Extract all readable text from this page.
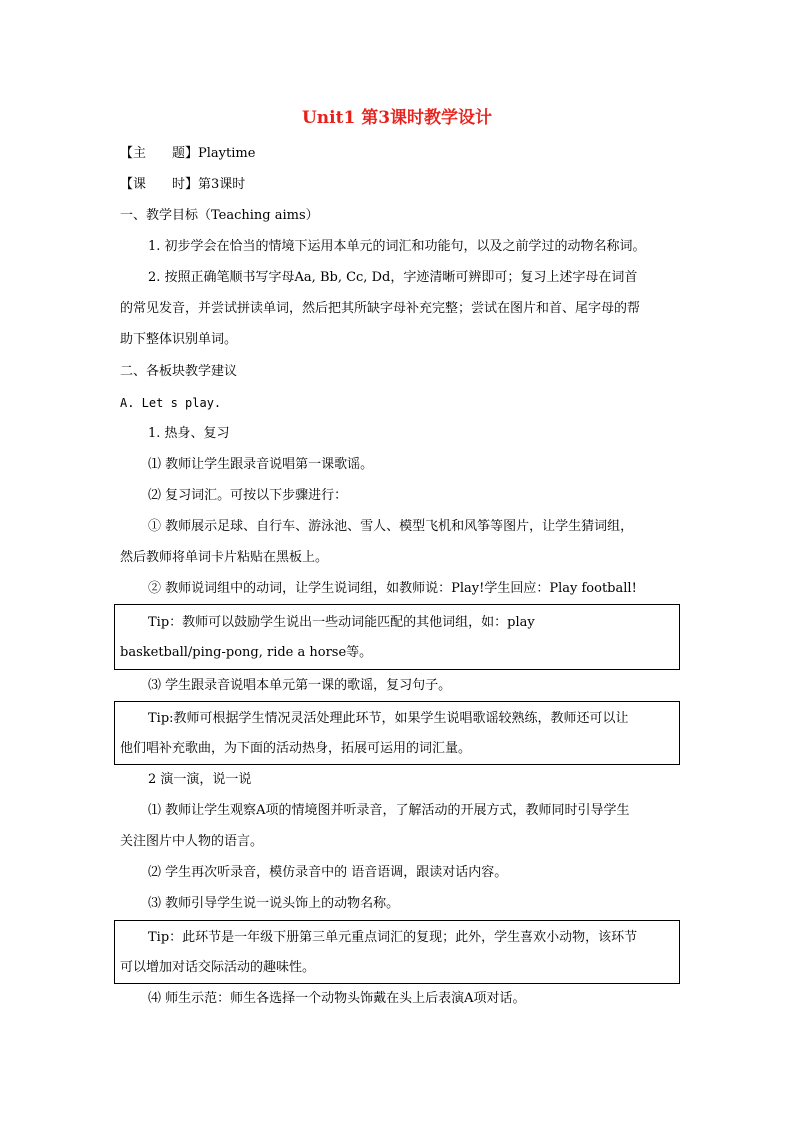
Unit1 第3课时教学设计
【主　　题】Playtime
【课　　时】第3课时
一、教学目标（Teaching aims）
1. 初步学会在恰当的情境下运用本单元的词汇和功能句，以及之前学过的动物名称词。
2. 按照正确笔顺书写字母Aa, Bb, Cc, Dd，字迹清晰可辨即可；复习上述字母在词首
的常见发音，并尝试拼读单词，然后把其所缺字母补充完整；尝试在图片和首、尾字母的帮
助下整体识别单词。
二、各板块教学建议
A. Let s play.
1. 热身、复习
⑴ 教师让学生跟录音说唱第一课歌谣。
⑵ 复习词汇。可按以下步骤进行：
① 教师展示足球、自行车、游泳池、雪人、模型飞机和风筝等图片，让学生猜词组，
然后教师将单词卡片粘贴在黑板上。
② 教师说词组中的动词，让学生说词组，如教师说：Play!学生回应：Play football!
Tip：教师可以鼓励学生说出一些动词能匹配的其他词组，如：play
basketball/ping-pong, ride a horse等。
⑶ 学生跟录音说唱本单元第一课的歌谣，复习句子。
Tip:教师可根据学生情况灵活处理此环节，如果学生说唱歌谣较熟练，教师还可以让
他们唱补充歌曲，为下面的活动热身，拓展可运用的词汇量。
2 演一演，说一说
⑴ 教师让学生观察A项的情境图并听录音，了解活动的开展方式，教师同时引导学生
关注图片中人物的语言。
⑵ 学生再次听录音，模仿录音中的 语音语调，跟读对话内容。
⑶ 教师引导学生说一说头饰上的动物名称。
Tip：此环节是一年级下册第三单元重点词汇的复现；此外，学生喜欢小动物，该环节
可以增加对话交际活动的趣味性。
⑷ 师生示范：师生各选择一个动物头饰戴在头上后表演A项对话。
